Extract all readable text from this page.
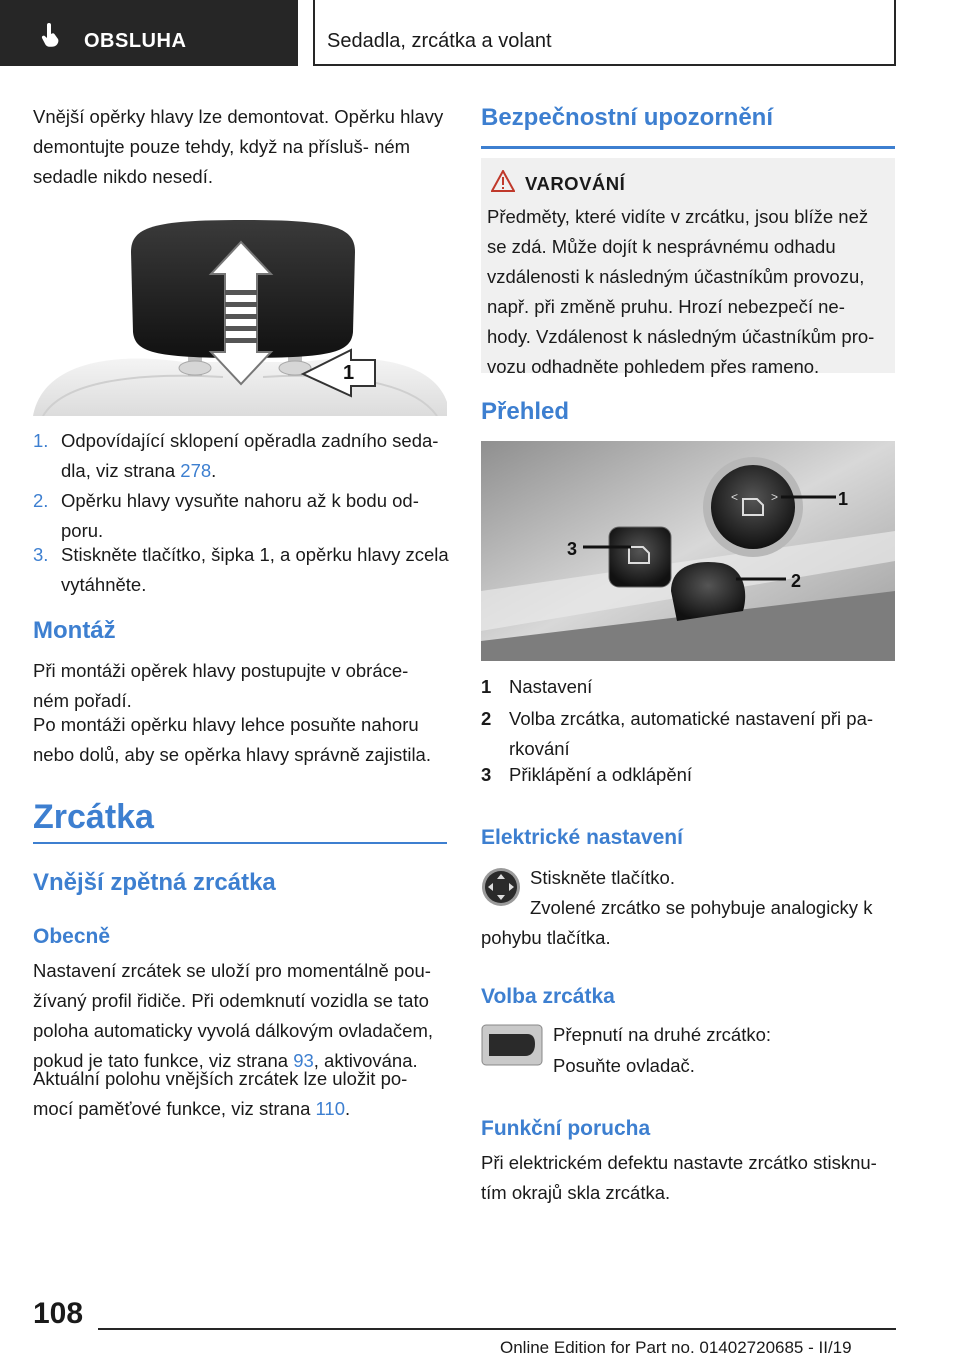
OBSLUHA	Sedadla, zrcátka a volant

Vnější opěrky hlavy lze demontovat. Opěrku hlavy demontujte pouze tehdy, když na přísluš‐ ném sedadle nikdo nesedí.

1
1. Odpovídající sklopení opěradla zadního seda‐ dla, viz strana 278.
2. Opěrku hlavy vysuňte nahoru až k bodu od‐ poru.
3. Stiskněte tlačítko, šipka 1, a opěrku hlavy zcela vytáhněte.
Montáž

Při montáži opěrek hlavy postupujte v obráce‐ ném pořadí.

Po montáži opěrku hlavy lehce posuňte nahoru nebo dolů, aby se opěrka hlavy správně zajistila.

Zrcátka
Vnější zpětná zrcátka
Obecně

Nastavení zrcátek se uloží pro momentálně pou‐ žívaný profil řidiče. Při odemknutí vozidla se tato poloha automaticky vyvolá dálkovým ovladačem, pokud je tato funkce, viz strana 93, aktivována.

Aktuální polohu vnějších zrcátek lze uložit po‐ mocí paměťové funkce, viz strana 110.

Bezpečnostní upozornění
VAROVÁNÍ

Předměty, které vidíte v zrcátku, jsou blíže než se zdá. Může dojít k nesprávnému odhadu vzdálenosti k následným účastníkům provozu, např. při změně pruhu. Hrozí nebezpečí ne‐ hody. Vzdálenost k následným účastníkům pro‐ vozu odhadněte pohledem přes rameno.

Přehled
<	>	1
2
3
1 Nastavení
2 Volba zrcátka, automatické nastavení při pa‐ rkování
3 Přiklápění a odklápění
Elektrické nastavení

Stiskněte tlačítko.

Zvolené zrcátko se pohybuje analogicky k pohybu tlačítka.

Volba zrcátka

Přepnutí na druhé zrcátko:

Posuňte ovladač.

Funkční porucha

Při elektrickém defektu nastavte zrcátko stisknu‐ tím okrajů skla zrcátka.

108
Online Edition for Part no. 01402720685 - II/19
